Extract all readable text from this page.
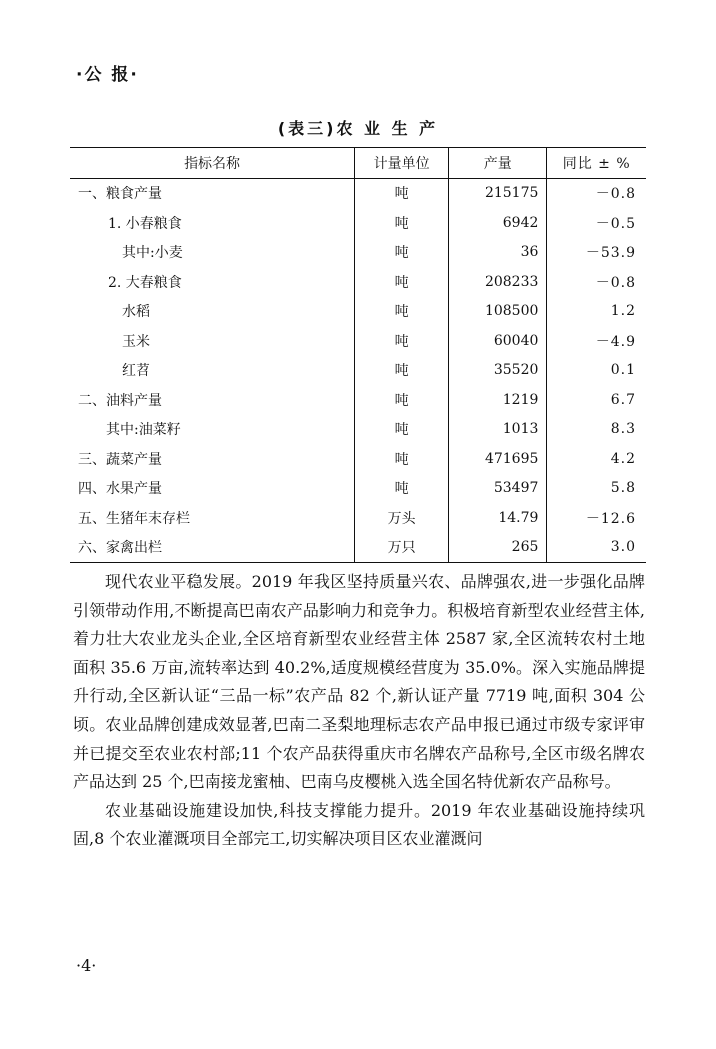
·公 报·
(表三)农 业 生 产
指标名称	计量单位	产量	同比 ± %
一、粮食产量	吨	215175	－0.8
1. 小春粮食	吨	6942	－0.5
其中:小麦	吨	36	－53.9
2. 大春粮食	吨	208233	－0.8
水稻	吨	108500	1.2
玉米	吨	60040	－4.9
红苕	吨	35520	0.1
二、油料产量	吨	1219	6.7
其中:油菜籽	吨	1013	8.3
三、蔬菜产量	吨	471695	4.2
四、水果产量	吨	53497	5.8
五、生猪年末存栏	万头	14.79	－12.6
六、家禽出栏	万只	265	3.0

现代农业平稳发展。2019 年我区坚持质量兴农、品牌强农,进一步强化品牌引领带动作用,不断提高巴南农产品影响力和竞争力。积极培育新型农业经营主体,着力壮大农业龙头企业,全区培育新型农业经营主体 2587 家,全区流转农村土地面积 35.6 万亩,流转率达到 40.2%,适度规模经营度为 35.0%。深入实施品牌提升行动,全区新认证“三品一标”农产品 82 个,新认证产量 7719 吨,面积 304 公顷。农业品牌创建成效显著,巴南二圣梨地理标志农产品申报已通过市级专家评审并已提交至农业农村部;11 个农产品获得重庆市名牌农产品称号,全区市级名牌农产品达到 25 个,巴南接龙蜜柚、巴南乌皮樱桃入选全国名特优新农产品称号。

农业基础设施建设加快,科技支撑能力提升。2019 年农业基础设施持续巩固,8 个农业灌溉项目全部完工,切实解决项目区农业灌溉问

·4·
